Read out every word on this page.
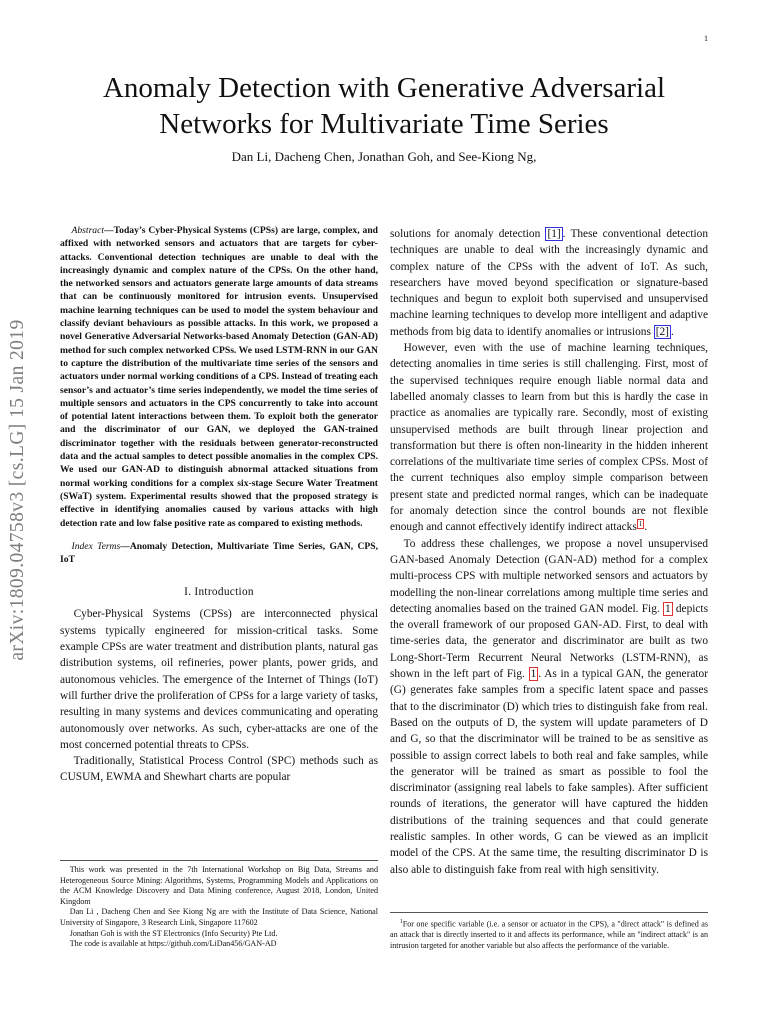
1
arXiv:1809.04758v3 [cs.LG] 15 Jan 2019
Anomaly Detection with Generative Adversarial
Networks for Multivariate Time Series

Dan Li, Dacheng Chen, Jonathan Goh, and See-Kiong Ng,

Abstract—Today’s Cyber-Physical Systems (CPSs) are large, complex, and affixed with networked sensors and actuators that are targets for cyber-attacks. Conventional detection techniques are unable to deal with the increasingly dynamic and complex nature of the CPSs. On the other hand, the networked sensors and actuators generate large amounts of data streams that can be continuously monitored for intrusion events. Unsupervised machine learning techniques can be used to model the system behaviour and classify deviant behaviours as possible attacks. In this work, we proposed a novel Generative Adversarial Networks-based Anomaly Detection (GAN-AD) method for such complex networked CPSs. We used LSTM-RNN in our GAN to capture the distribution of the multivariate time series of the sensors and actuators under normal working conditions of a CPS. Instead of treating each sensor’s and actuator’s time series independently, we model the time series of multiple sensors and actuators in the CPS concurrently to take into account of potential latent interactions between them. To exploit both the generator and the discriminator of our GAN, we deployed the GAN-trained discriminator together with the residuals between generator-reconstructed data and the actual samples to detect possible anomalies in the complex CPS. We used our GAN-AD to distinguish abnormal attacked situations from normal working conditions for a complex six-stage Secure Water Treatment (SWaT) system. Experimental results showed that the proposed strategy is effective in identifying anomalies caused by various attacks with high detection rate and low false positive rate as compared to existing methods.

Index Terms—Anomaly Detection, Multivariate Time Series, GAN, CPS, IoT

I. Introduction

Cyber-Physical Systems (CPSs) are interconnected physical systems typically engineered for mission-critical tasks. Some example CPSs are water treatment and distribution plants, natural gas distribution systems, oil refineries, power plants, power grids, and autonomous vehicles. The emergence of the Internet of Things (IoT) will further drive the proliferation of CPSs for a large variety of tasks, resulting in many systems and devices communicating and operating autonomously over networks. As such, cyber-attacks are one of the most concerned potential threats to CPSs.

Traditionally, Statistical Process Control (SPC) methods such as CUSUM, EWMA and Shewhart charts are popular

This work was presented in the 7th International Workshop on Big Data, Streams and Heterogeneous Source Mining: Algorithms, Systems, Programming Models and Applications on the ACM Knowledge Discovery and Data Mining conference, August 2018, London, United Kingdom

Dan Li , Dacheng Chen and See Kiong Ng are with the Institute of Data Science, National University of Singapore, 3 Research Link, Singapore 117602

Jonathan Goh is with the ST Electronics (Info Security) Pte Ltd.

The code is available at https://github.com/LiDan456/GAN-AD

solutions for anomaly detection [1] . These conventional detection techniques are unable to deal with the increasingly dynamic and complex nature of the CPSs with the advent of IoT. As such, researchers have moved beyond specification or signature-based techniques and begun to exploit both supervised and unsupervised machine learning techniques to develop more intelligent and adaptive methods from big data to identify anomalies or intrusions [2] .

However, even with the use of machine learning techniques, detecting anomalies in time series is still challenging. First, most of the supervised techniques require enough liable normal data and labelled anomaly classes to learn from but this is hardly the case in practice as anomalies are typically rare. Secondly, most of existing unsupervised methods are built through linear projection and transformation but there is often non-linearity in the hidden inherent correlations of the multivariate time series of complex CPSs. Most of the current techniques also employ simple comparison between present state and predicted normal ranges, which can be inadequate for anomaly detection since the control bounds are not flexible enough and cannot effectively identify indirect attacks $^1$ .

To address these challenges, we propose a novel unsupervised GAN-based Anomaly Detection (GAN-AD) method for a complex multi-process CPS with multiple networked sensors and actuators by modelling the non-linear correlations among multiple time series and detecting anomalies based on the trained GAN model. Fig. 1 depicts the overall framework of our proposed GAN-AD. First, to deal with time-series data, the generator and discriminator are built as two Long-Short-Term Recurrent Neural Networks (LSTM-RNN), as shown in the left part of Fig. 1 . As in a typical GAN, the generator (G) generates fake samples from a specific latent space and passes that to the discriminator (D) which tries to distinguish fake from real. Based on the outputs of D, the system will update parameters of D and G, so that the discriminator will be trained to be as sensitive as possible to assign correct labels to both real and fake samples, while the generator will be trained as smart as possible to fool the discriminator (assigning real labels to fake samples). After sufficient rounds of iterations, the generator will have captured the hidden distributions of the training sequences and that could generate realistic samples. In other words, G can be viewed as an implicit model of the CPS. At the same time, the resulting discriminator D is also able to distinguish fake from real with high sensitivity.

$^1$For one specific variable (i.e. a sensor or actuator in the CPS), a "direct attack" is defined as an attack that is directly inserted to it and affects its performance, while an "indirect attack" is an intrusion targeted for another variable but also affects the performance of the variable.
